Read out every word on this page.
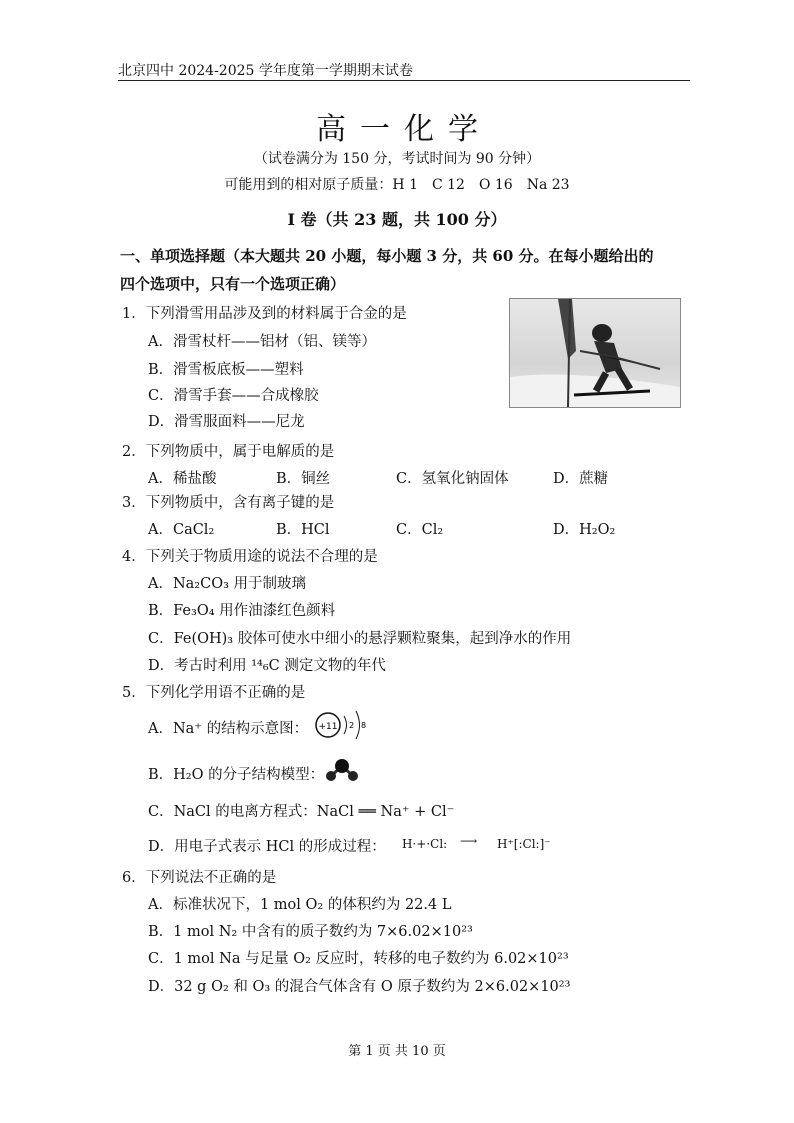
北京四中 2024-2025 学年度第一学期期末试卷
高一化学
（试卷满分为 150 分，考试时间为 90 分钟）
可能用到的相对原子质量：H 1　C 12　O 16　Na 23
I 卷（共 23 题，共 100 分）
一、单项选择题（本大题共 20 小题，每小题 3 分，共 60 分。在每小题给出的
四个选项中，只有一个选项正确）
1．下列滑雪用品涉及到的材料属于合金的是
A．滑雪杖杆——铝材（铝、镁等）
B．滑雪板底板——塑料
C．滑雪手套——合成橡胶
D．滑雪服面料——尼龙
2．下列物质中，属于电解质的是
A．稀盐酸	B．铜丝	C．氢氧化钠固体	D．蔗糖
3．下列物质中，含有离子键的是
A．CaCl₂	B．HCl	C．Cl₂	D．H₂O₂
4．下列关于物质用途的说法不合理的是
A．Na₂CO₃ 用于制玻璃
B．Fe₃O₄ 用作油漆红色颜料
C．Fe(OH)₃ 胶体可使水中细小的悬浮颗粒聚集，起到净水的作用
D．考古时利用 ¹⁴₆C 测定文物的年代
5．下列化学用语不正确的是
A．Na⁺ 的结构示意图： +11 2 8
B．H₂O 的分子结构模型：
C．NaCl 的电离方程式：NaCl ══ Na⁺ + Cl⁻
D．用电子式表示 HCl 的形成过程： H·+·Cl: ⟶ H⁺[:Cl:]⁻
6．下列说法不正确的是
A．标准状况下，1 mol O₂ 的体积约为 22.4 L
B．1 mol N₂ 中含有的质子数约为 7×6.02×10²³
C．1 mol Na 与足量 O₂ 反应时，转移的电子数约为 6.02×10²³
D．32 g O₂ 和 O₃ 的混合气体含有 O 原子数约为 2×6.02×10²³
第 1 页 共 10 页
